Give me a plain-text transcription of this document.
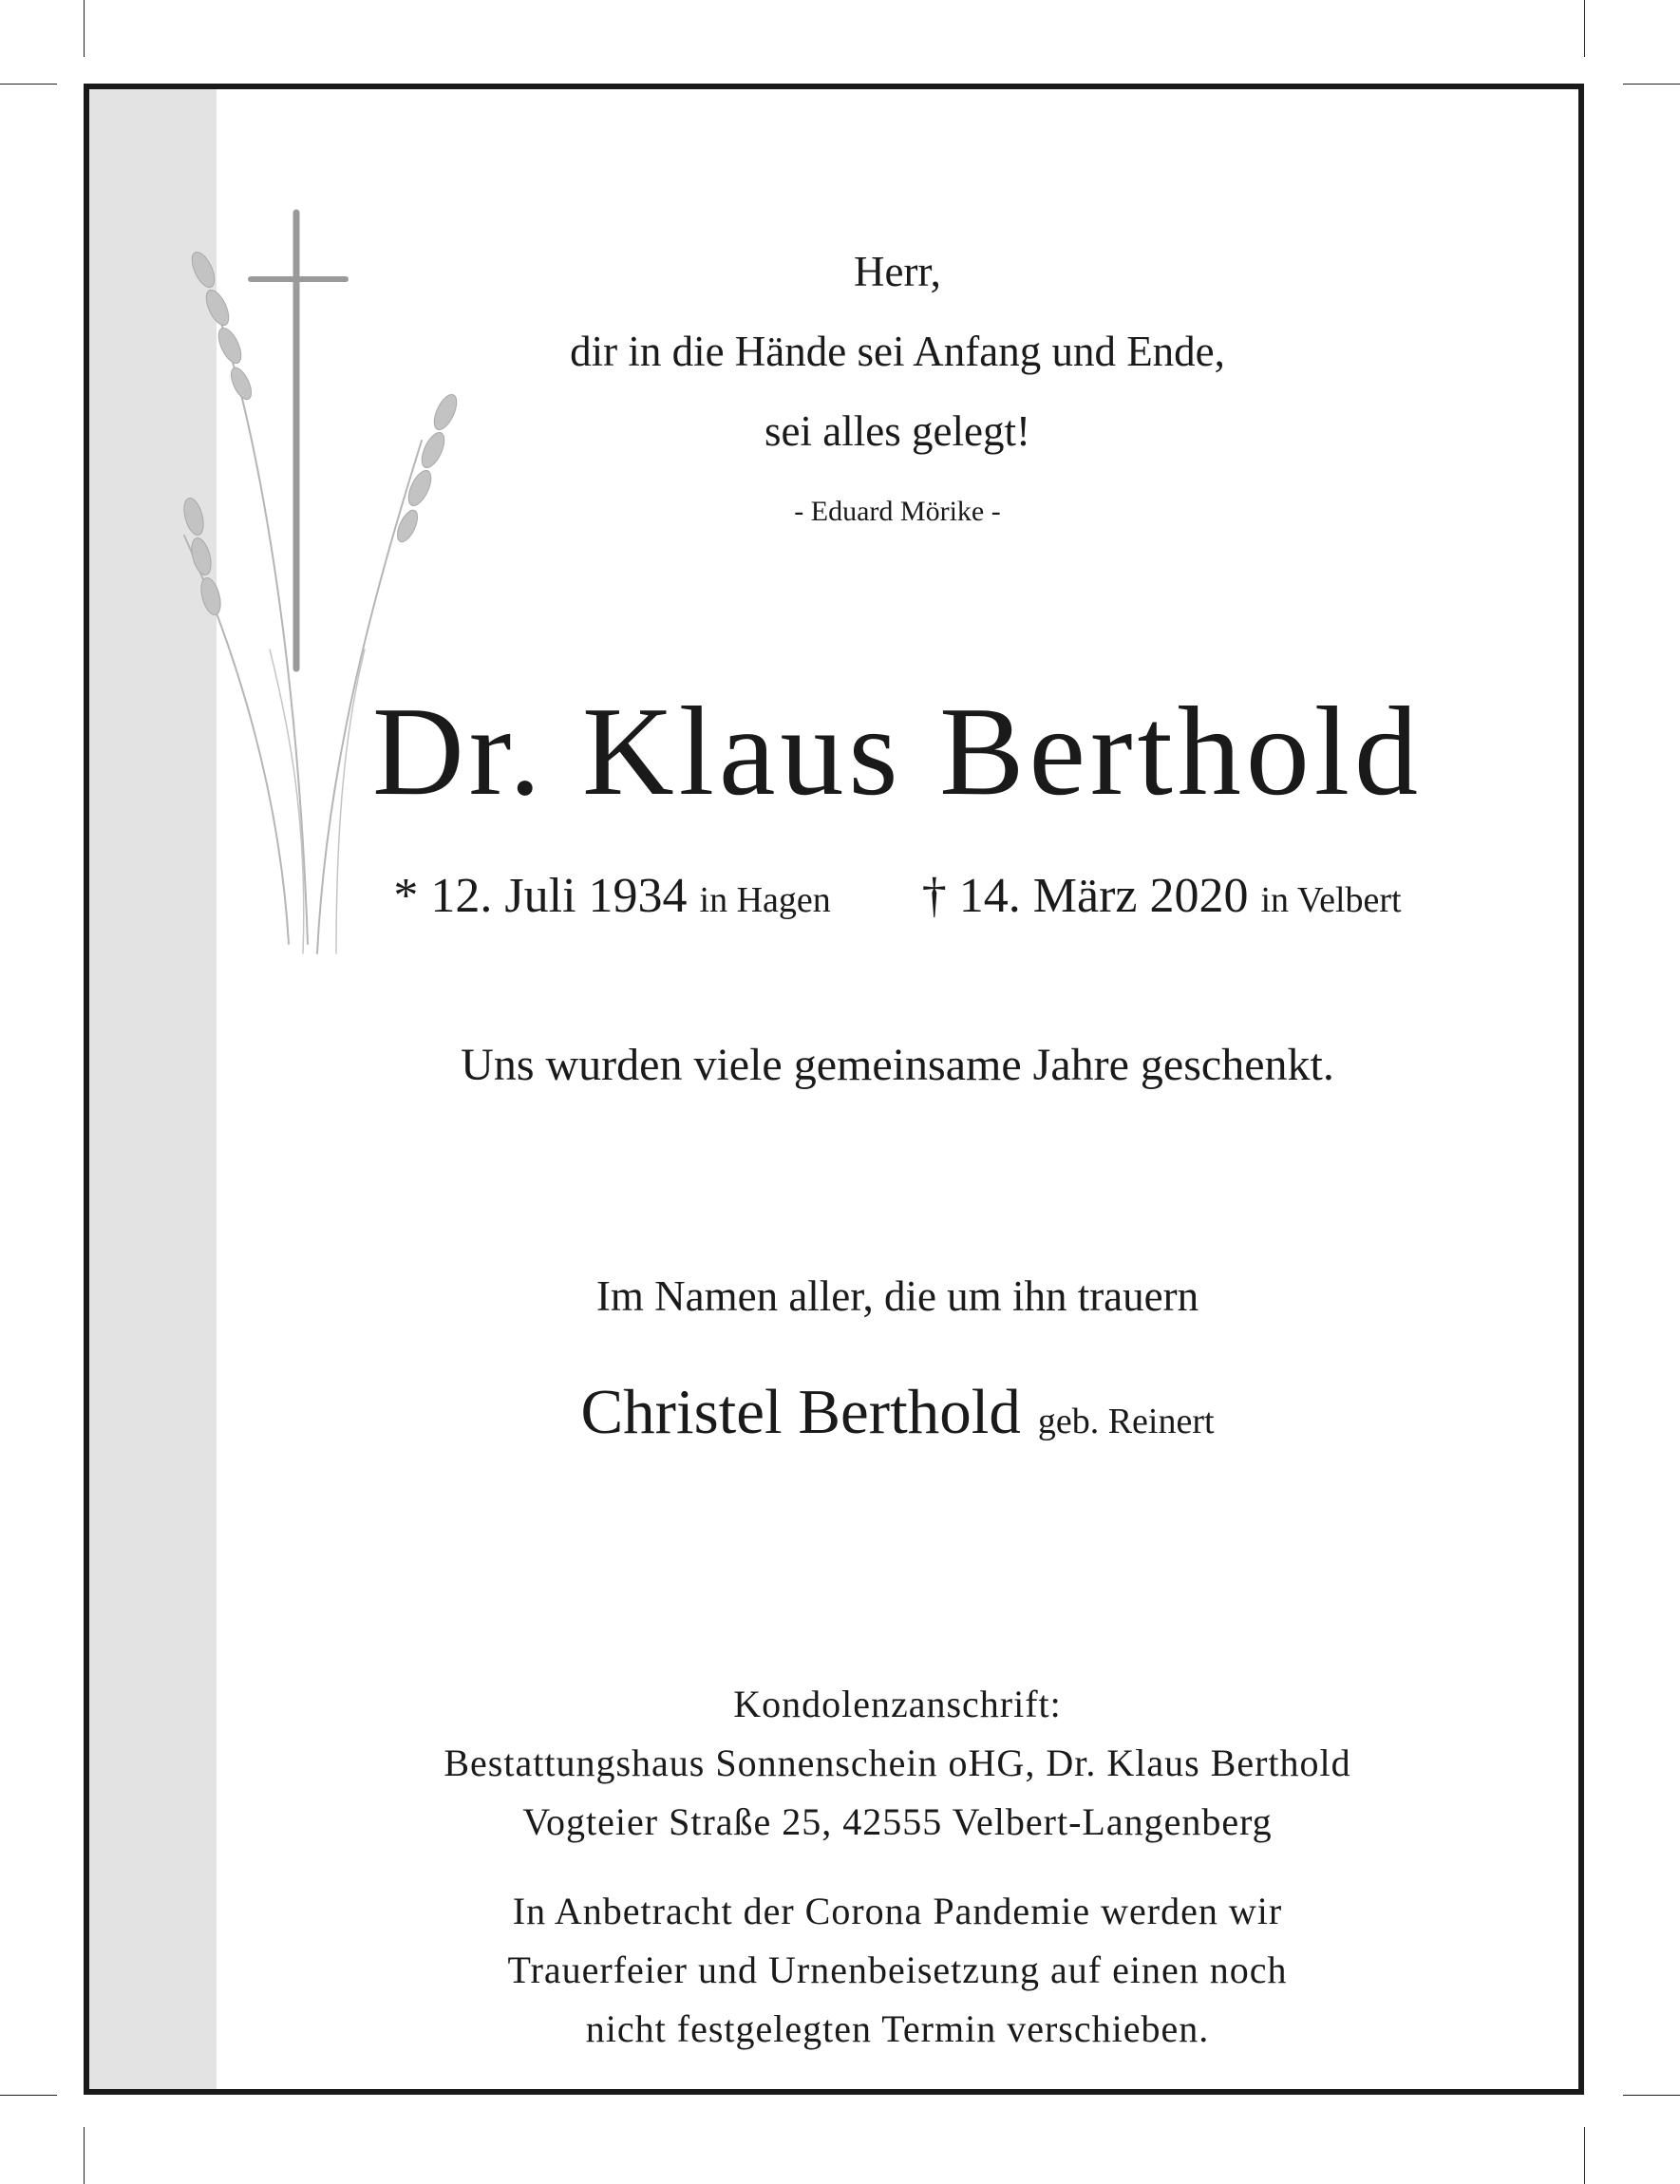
Herr,
dir in die Hände sei Anfang und Ende,
sei alles gelegt!
- Eduard Mörike -
Dr. Klaus Berthold
* 12. Juli 1934 in Hagen † 14. März 2020 in Velbert
Uns wurden viele gemeinsame Jahre geschenkt.
Im Namen aller, die um ihn trauern
Christel Berthold geb. Reinert
Kondolenzanschrift:
Bestattungshaus Sonnenschein oHG, Dr. Klaus Berthold
Vogteier Straße 25, 42555 Velbert-Langenberg
In Anbetracht der Corona Pandemie werden wir
Trauerfeier und Urnenbeisetzung auf einen noch
nicht festgelegten Termin verschieben.
